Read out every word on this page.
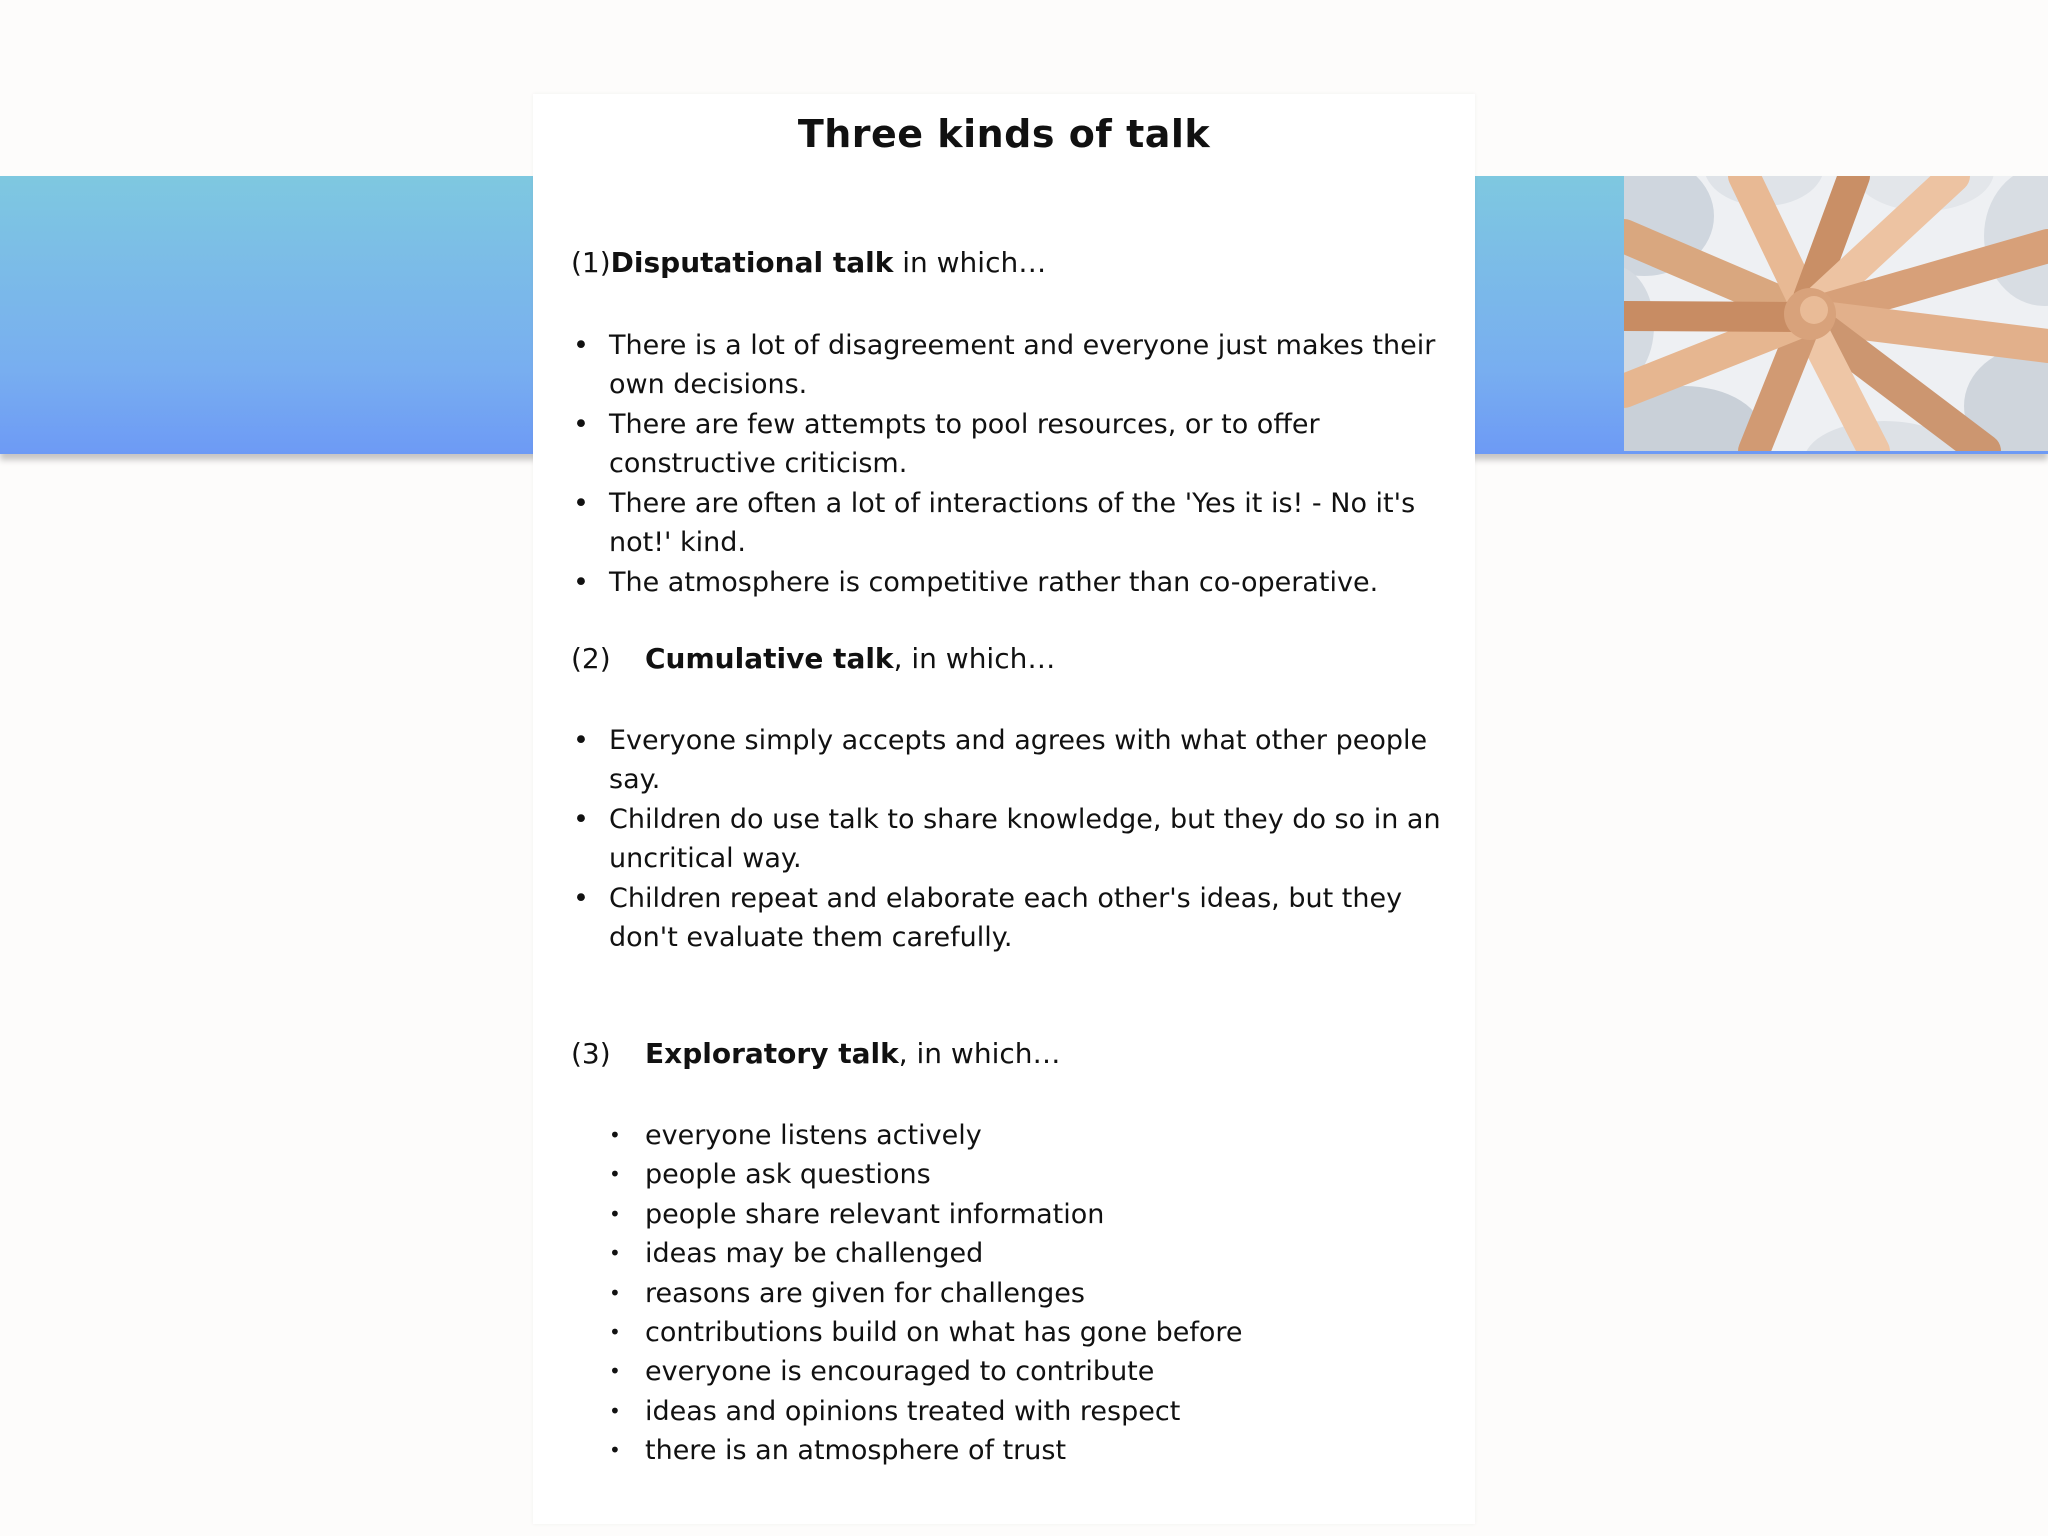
Three kinds of talk

(1)Disputational talk in which…

• There is a lot of disagreement and everyone just makes their own decisions.
• There are few attempts to pool resources, or to offer constructive criticism.
• There are often a lot of interactions of the 'Yes it is! - No it's not!' kind.
• The atmosphere is competitive rather than co-operative.

(2) Cumulative talk, in which…

• Everyone simply accepts and agrees with what other people say.
• Children do use talk to share knowledge, but they do so in an uncritical way.
• Children repeat and elaborate each other's ideas, but they don't evaluate them carefully.

(3) Exploratory talk, in which…

• everyone listens actively
• people ask questions
• people share relevant information
• ideas may be challenged
• reasons are given for challenges
• contributions build on what has gone before
• everyone is encouraged to contribute
• ideas and opinions treated with respect
• there is an atmosphere of trust
